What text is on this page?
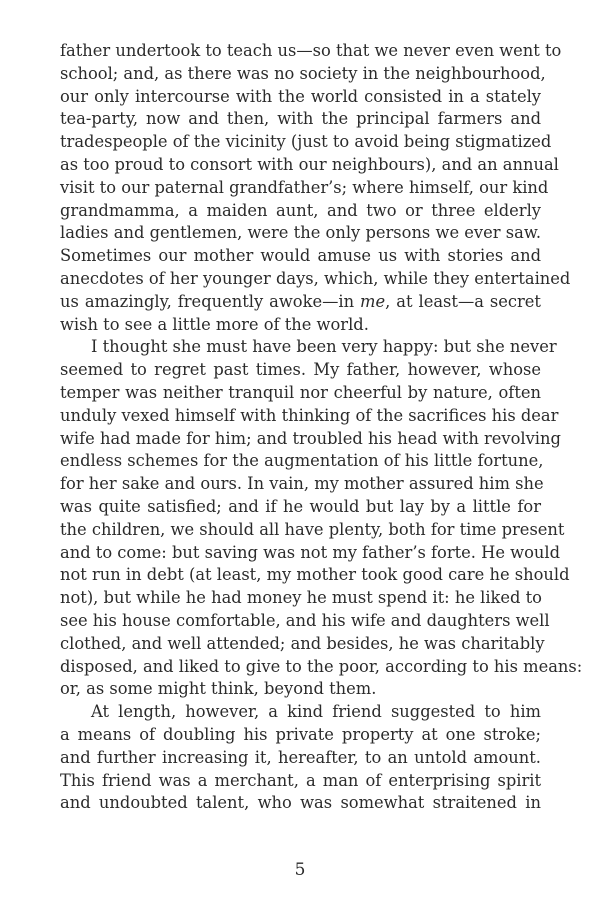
father undertook to teach us—so that we never even went to
school; and, as there was no society in the neighbourhood,
our only intercourse with the world consisted in a stately
tea-party, now and then, with the principal farmers and
tradespeople of the vicinity (just to avoid being stigmatized
as too proud to consort with our neighbours), and an annual
visit to our paternal grandfather’s; where himself, our kind
grandmamma, a maiden aunt, and two or three elderly
ladies and gentlemen, were the only persons we ever saw.
Sometimes our mother would amuse us with stories and
anecdotes of her younger days, which, while they entertained
us amazingly, frequently awoke—in me, at least—a secret
wish to see a little more of the world.
I thought she must have been very happy: but she never
seemed to regret past times. My father, however, whose
temper was neither tranquil nor cheerful by nature, often
unduly vexed himself with thinking of the sacrifices his dear
wife had made for him; and troubled his head with revolving
endless schemes for the augmentation of his little fortune,
for her sake and ours. In vain, my mother assured him she
was quite satisfied; and if he would but lay by a little for
the children, we should all have plenty, both for time present
and to come: but saving was not my father’s forte. He would
not run in debt (at least, my mother took good care he should
not), but while he had money he must spend it: he liked to
see his house comfortable, and his wife and daughters well
clothed, and well attended; and besides, he was charitably
disposed, and liked to give to the poor, according to his means:
or, as some might think, beyond them.
At length, however, a kind friend suggested to him
a means of doubling his private property at one stroke;
and further increasing it, hereafter, to an untold amount.
This friend was a merchant, a man of enterprising spirit
and undoubted talent, who was somewhat straitened in
5
